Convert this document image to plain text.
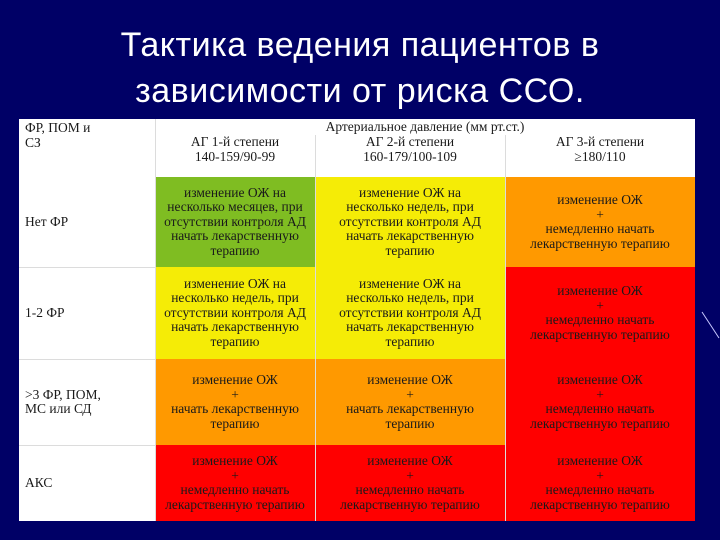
Тактика ведения пациентов в
зависимости от риска ССО.
ФР, ПОМ и
СЗ
Артериальное давление (мм рт.ст.)
АГ 1-й степени
140-159/90-99
АГ 2-й степени
160-179/100-109
АГ 3-й степени
≥180/110
Нет ФР
изменение ОЖ на
несколько месяцев, при
отсутствии контроля АД
начать лекарственную
терапию
изменение ОЖ на
несколько недель, при
отсутствии контроля АД
начать лекарственную
терапию
изменение ОЖ
+
немедленно начать
лекарственную терапию
1-2 ФР
изменение ОЖ на
несколько недель, при
отсутствии контроля АД
начать лекарственную
терапию
изменение ОЖ на
несколько недель, при
отсутствии контроля АД
начать лекарственную
терапию
изменение ОЖ
+
немедленно начать
лекарственную терапию
>3 ФР, ПОМ,
МС или СД
изменение ОЖ
+
начать лекарственную
терапию
изменение ОЖ
+
начать лекарственную
терапию
изменение ОЖ
+
немедленно начать
лекарственную терапию
АКС
изменение ОЖ
+
немедленно начать
лекарственную терапию
изменение ОЖ
+
немедленно начать
лекарственную терапию
изменение ОЖ
+
немедленно начать
лекарственную терапию
